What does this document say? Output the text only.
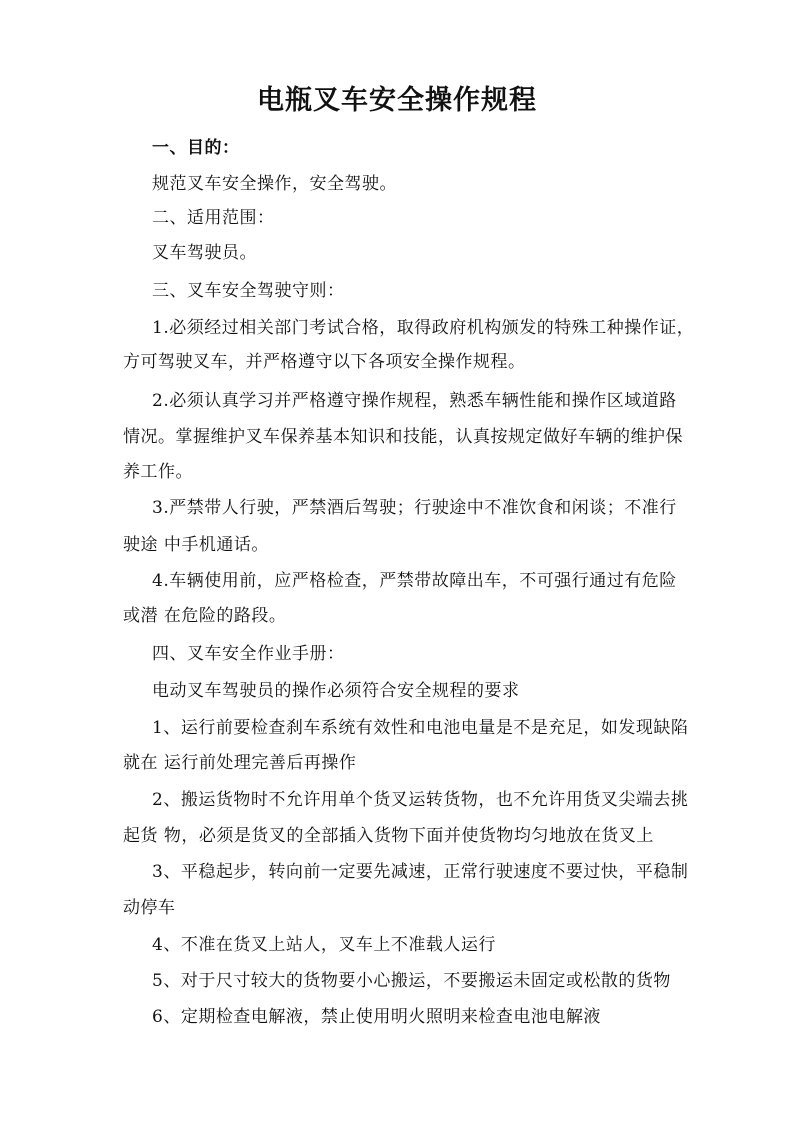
电瓶叉车安全操作规程
一、目的：
规范叉车安全操作，安全驾驶。
二、适用范围：
叉车驾驶员。
三、叉车安全驾驶守则：
1.必须经过相关部门考试合格，取得政府机构颁发的特殊工种操作证，
方可驾驶叉车，并严格遵守以下各项安全操作规程。
2.必须认真学习并严格遵守操作规程，熟悉车辆性能和操作区域道路
情况。掌握维护叉车保养基本知识和技能，认真按规定做好车辆的维护保
养工作。
3.严禁带人行驶，严禁酒后驾驶；行驶途中不准饮食和闲谈；不准行
驶途 中手机通话。
4.车辆使用前，应严格检查，严禁带故障出车，不可强行通过有危险
或潜 在危险的路段。
四、叉车安全作业手册：
电动叉车驾驶员的操作必须符合安全规程的要求
1、运行前要检查刹车系统有效性和电池电量是不是充足，如发现缺陷
就在 运行前处理完善后再操作
2、搬运货物时不允许用单个货叉运转货物，也不允许用货叉尖端去挑
起货 物，必须是货叉的全部插入货物下面并使货物均匀地放在货叉上
3、平稳起步，转向前一定要先减速，正常行驶速度不要过快，平稳制
动停车
4、不准在货叉上站人，叉车上不准载人运行
5、对于尺寸较大的货物要小心搬运，不要搬运未固定或松散的货物
6、定期检查电解液，禁止使用明火照明来检查电池电解液
